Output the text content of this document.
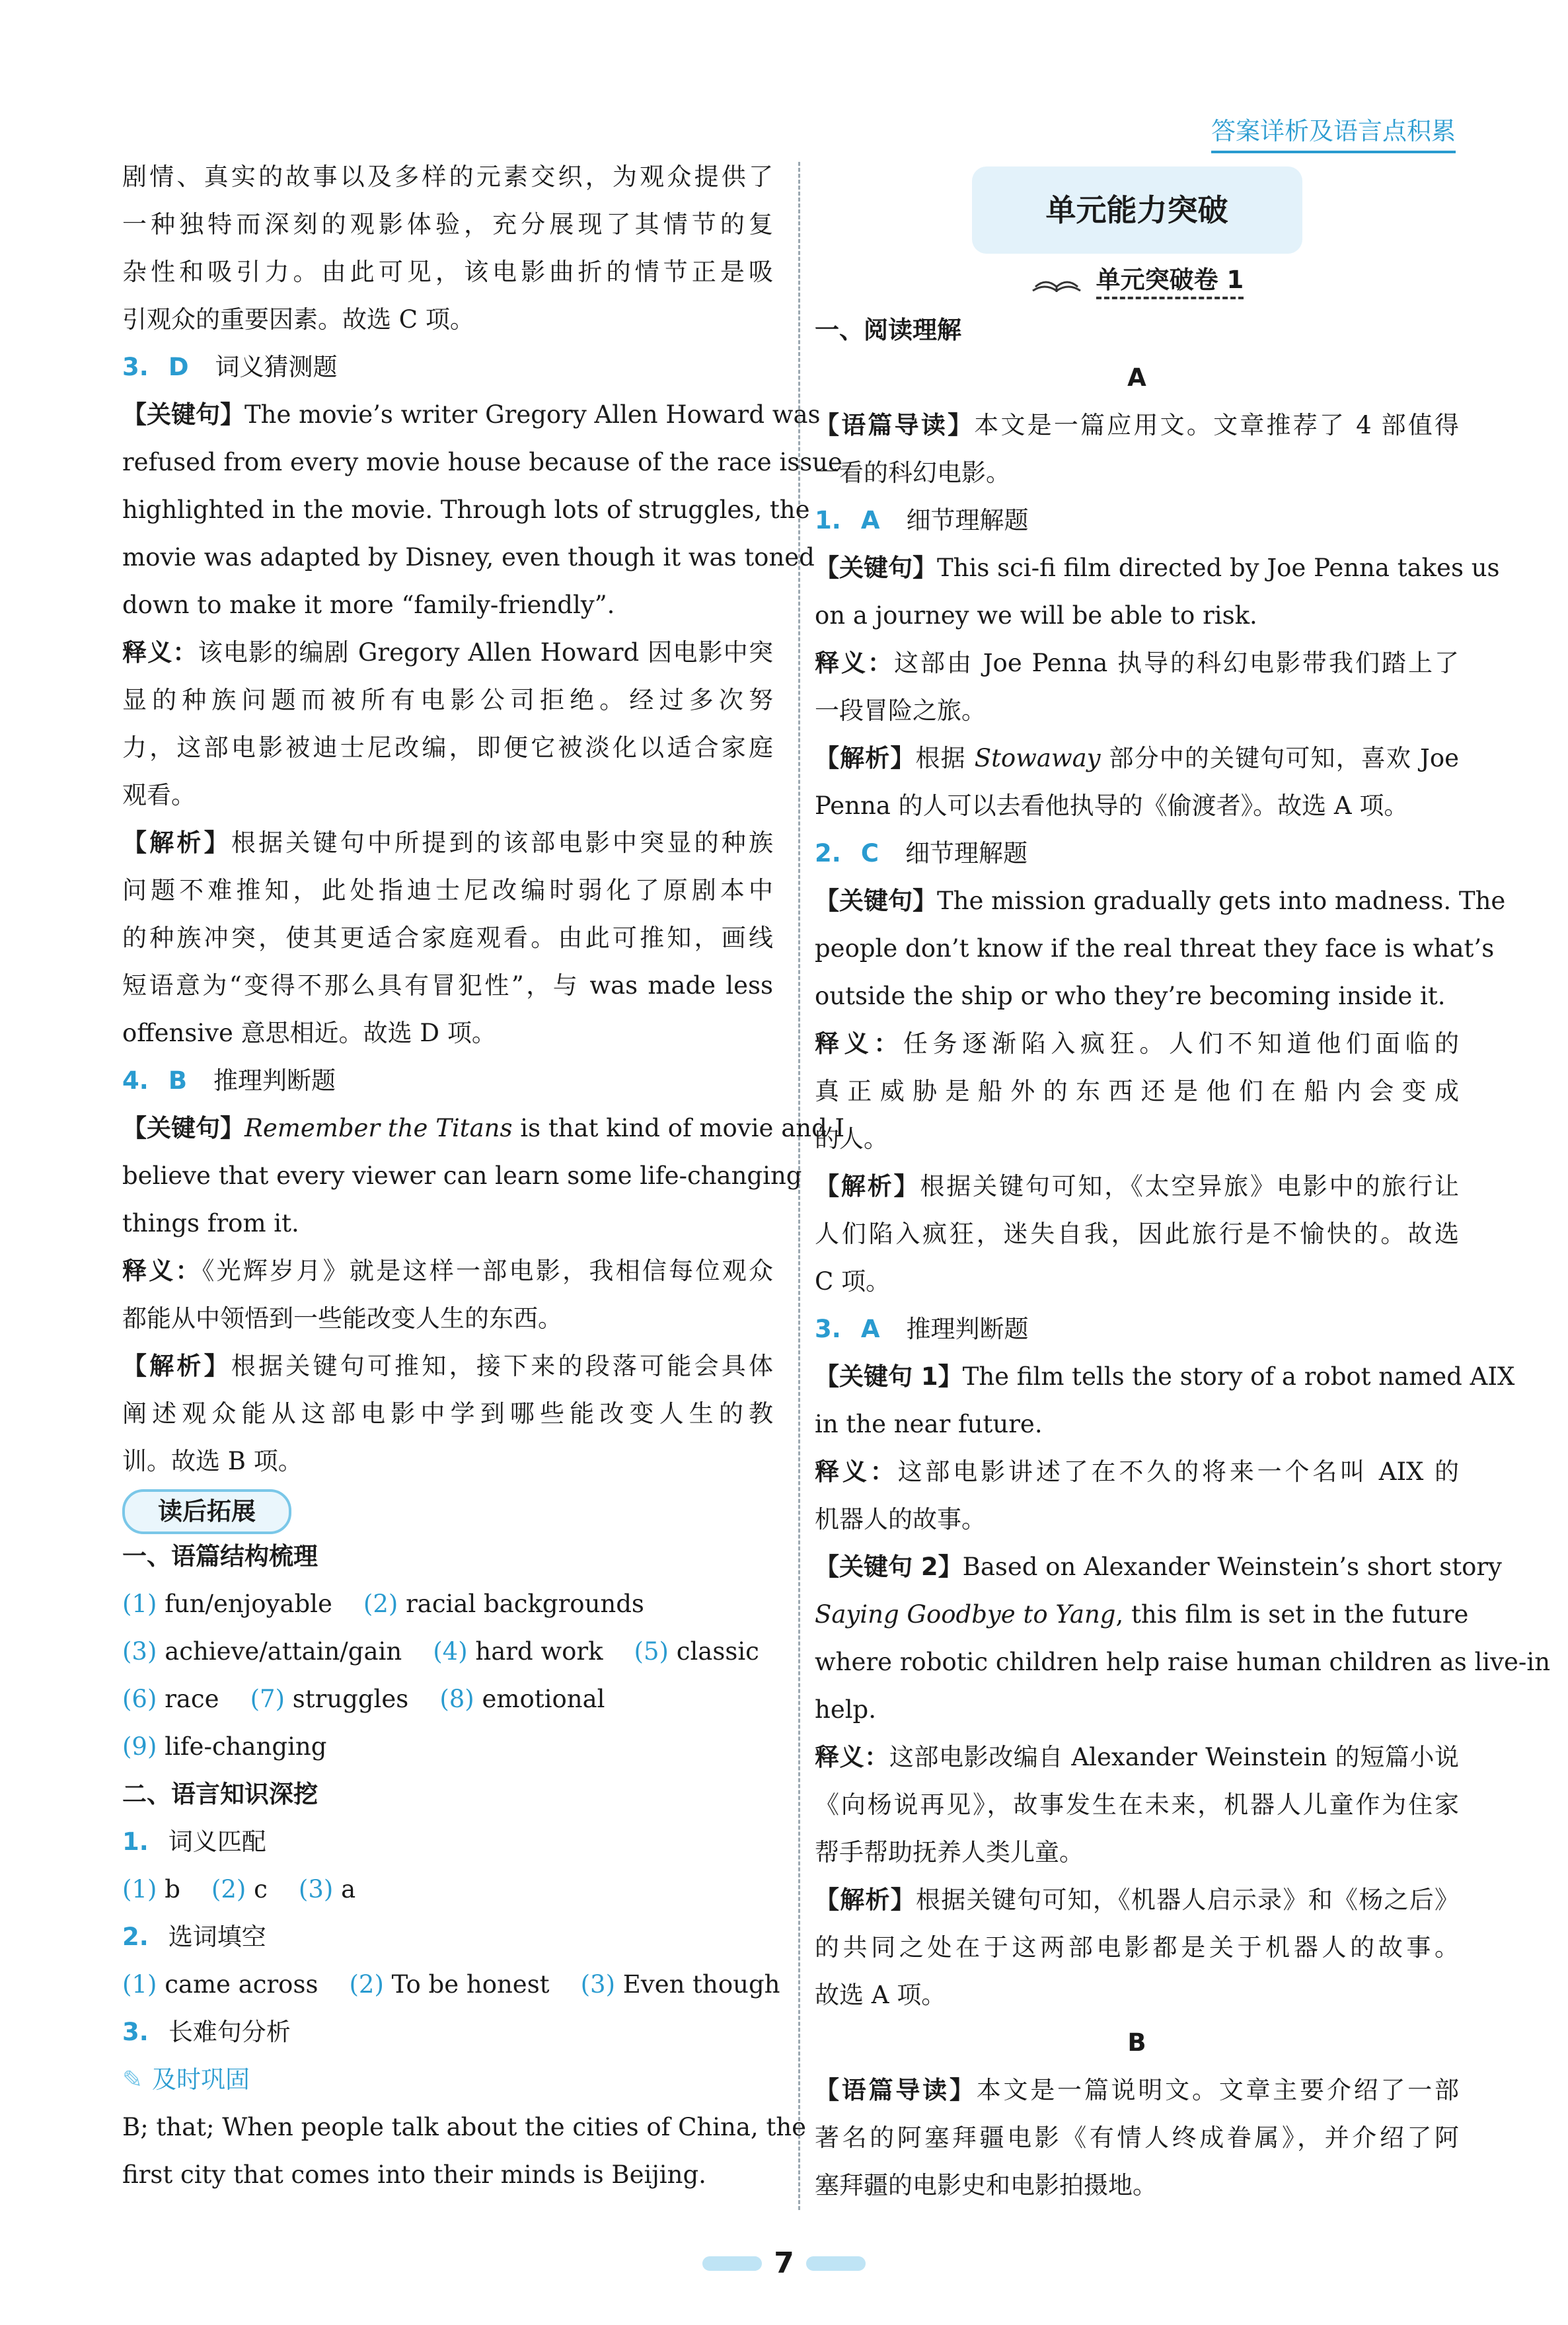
答案详析及语言点积累
剧情、真实的故事以及多样的元素交织，为观众提供了
一种独特而深刻的观影体验，充分展现了其情节的复
杂性和吸引力。由此可见，该电影曲折的情节正是吸
引观众的重要因素。故选 C 项。
3. D 词义猜测题
【关键句】The movie’s writer Gregory Allen Howard was
refused from every movie house because of the race issue
highlighted in the movie. Through lots of struggles, the
movie was adapted by Disney, even though it was toned
down to make it more “family-friendly”.
释义：该电影的编剧 Gregory Allen Howard 因电影中突
显的种族问题而被所有电影公司拒绝。经过多次努
力，这部电影被迪士尼改编，即便它被淡化以适合家庭
观看。
【解析】根据关键句中所提到的该部电影中突显的种族
问题不难推知，此处指迪士尼改编时弱化了原剧本中
的种族冲突，使其更适合家庭观看。由此可推知，画线
短语意为“变得不那么具有冒犯性”，与 was made less
offensive 意思相近。故选 D 项。
4. B 推理判断题
【关键句】Remember the Titans is that kind of movie and I
believe that every viewer can learn some life-changing
things from it.
释义：《光辉岁月》就是这样一部电影，我相信每位观众
都能从中领悟到一些能改变人生的东西。
【解析】根据关键句可推知，接下来的段落可能会具体
阐述观众能从这部电影中学到哪些能改变人生的教
训。故选 B 项。
读后拓展
一、语篇结构梳理
(1) fun/enjoyable (2) racial backgrounds
(3) achieve/attain/gain (4) hard work (5) classic
(6) race (7) struggles (8) emotional
(9) life-changing
二、语言知识深挖
1. 词义匹配
(1) b (2) c (3) a
2. 选词填空
(1) came across (2) To be honest (3) Even though
3. 长难句分析
✎ 及时巩固
B; that; When people talk about the cities of China, the
first city that comes into their minds is Beijing.
单元能力突破
单元突破卷 1
一、阅读理解
A
【语篇导读】本文是一篇应用文。文章推荐了 4 部值得
一看的科幻电影。
1. A 细节理解题
【关键句】This sci-fi film directed by Joe Penna takes us
on a journey we will be able to risk.
释义：这部由 Joe Penna 执导的科幻电影带我们踏上了
一段冒险之旅。
【解析】根据 Stowaway 部分中的关键句可知，喜欢 Joe
Penna 的人可以去看他执导的《偷渡者》。故选 A 项。
2. C 细节理解题
【关键句】The mission gradually gets into madness. The
people don’t know if the real threat they face is what’s
outside the ship or who they’re becoming inside it.
释义：任务逐渐陷入疯狂。人们不知道他们面临的
真正威胁是船外的东西还是他们在船内会变成
的人。
【解析】根据关键句可知，《太空异旅》电影中的旅行让
人们陷入疯狂，迷失自我，因此旅行是不愉快的。故选
C 项。
3. A 推理判断题
【关键句 1】The film tells the story of a robot named AIX
in the near future.
释义：这部电影讲述了在不久的将来一个名叫 AIX 的
机器人的故事。
【关键句 2】Based on Alexander Weinstein’s short story
Saying Goodbye to Yang, this film is set in the future
where robotic children help raise human children as live-in
help.
释义：这部电影改编自 Alexander Weinstein 的短篇小说
《向杨说再见》，故事发生在未来，机器人儿童作为住家
帮手帮助抚养人类儿童。
【解析】根据关键句可知，《机器人启示录》和《杨之后》
的共同之处在于这两部电影都是关于机器人的故事。
故选 A 项。
B
【语篇导读】本文是一篇说明文。文章主要介绍了一部
著名的阿塞拜疆电影《有情人终成眷属》，并介绍了阿
塞拜疆的电影史和电影拍摄地。
7
